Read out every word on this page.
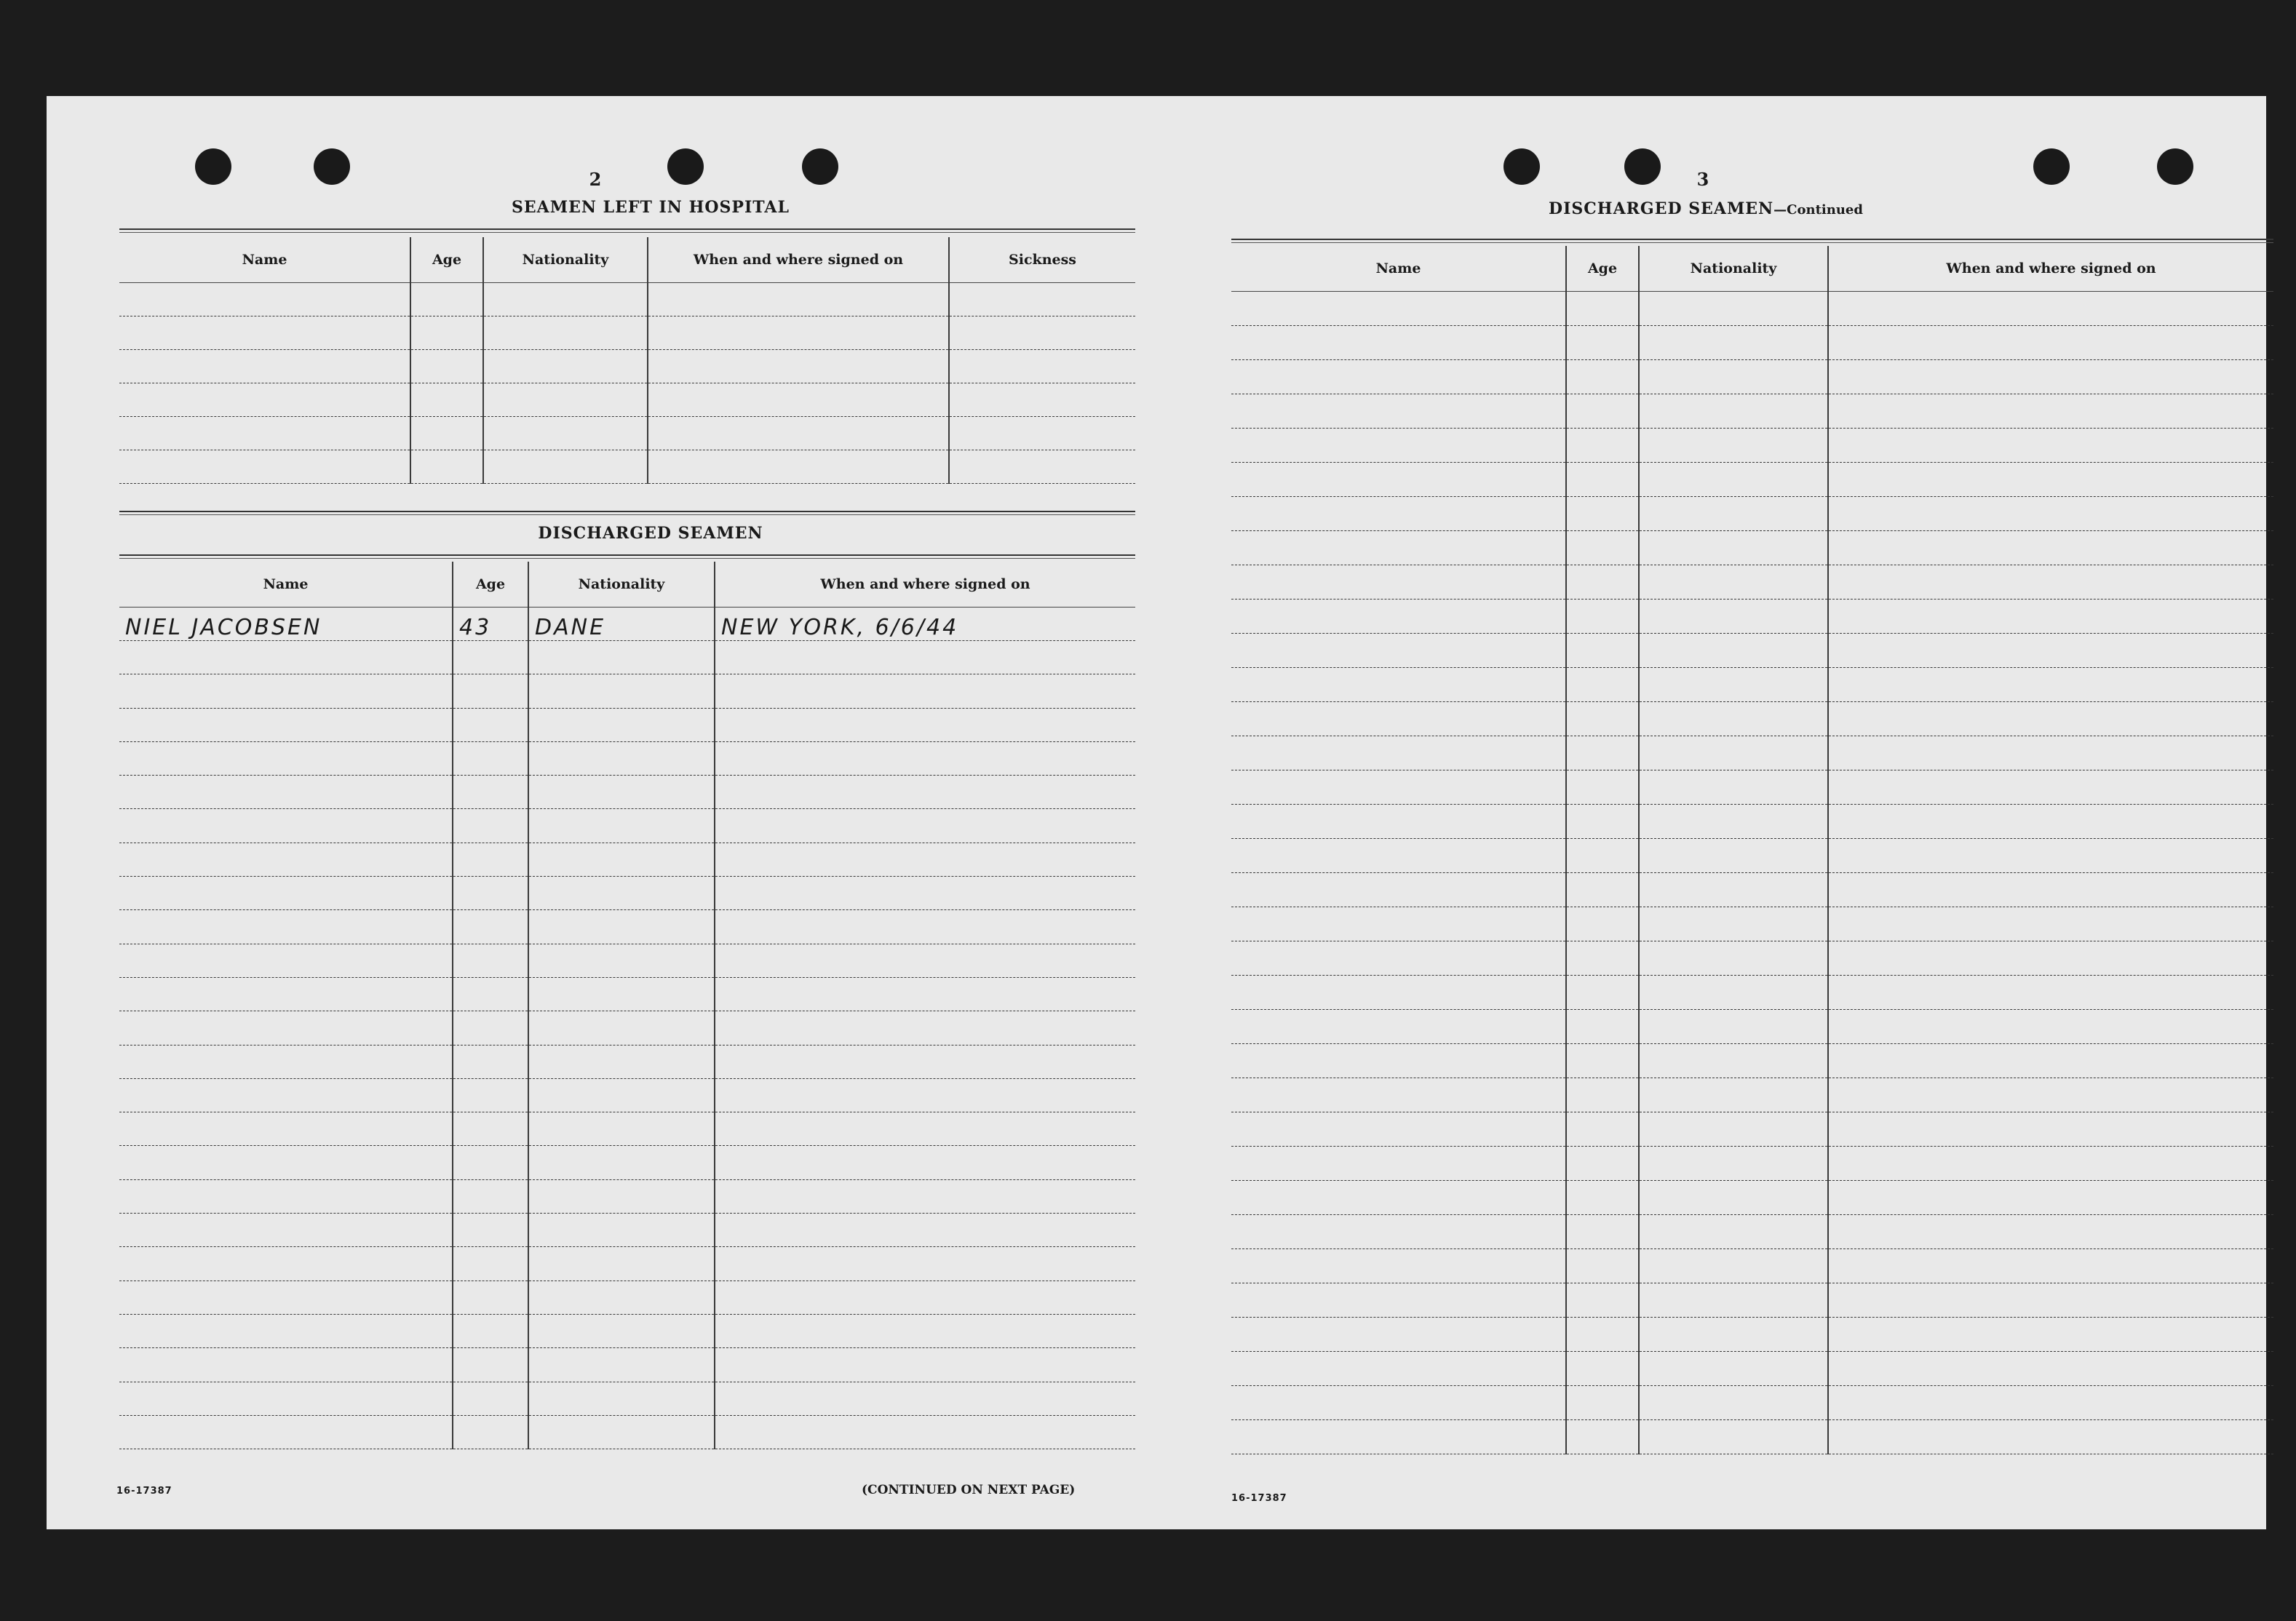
2
SEAMEN LEFT IN HOSPITAL
Name	Age	Nationality	When and where signed on	Sickness

DISCHARGED SEAMEN
Name	Age	Nationality	When and where signed on
NIEL JACOBSEN	43	DANE	NEW YORK, 6/6/44

16-17387	(CONTINUED ON NEXT PAGE)
3
DISCHARGED SEAMEN—Continued
Name	Age	Nationality	When and where signed on

16-17387
